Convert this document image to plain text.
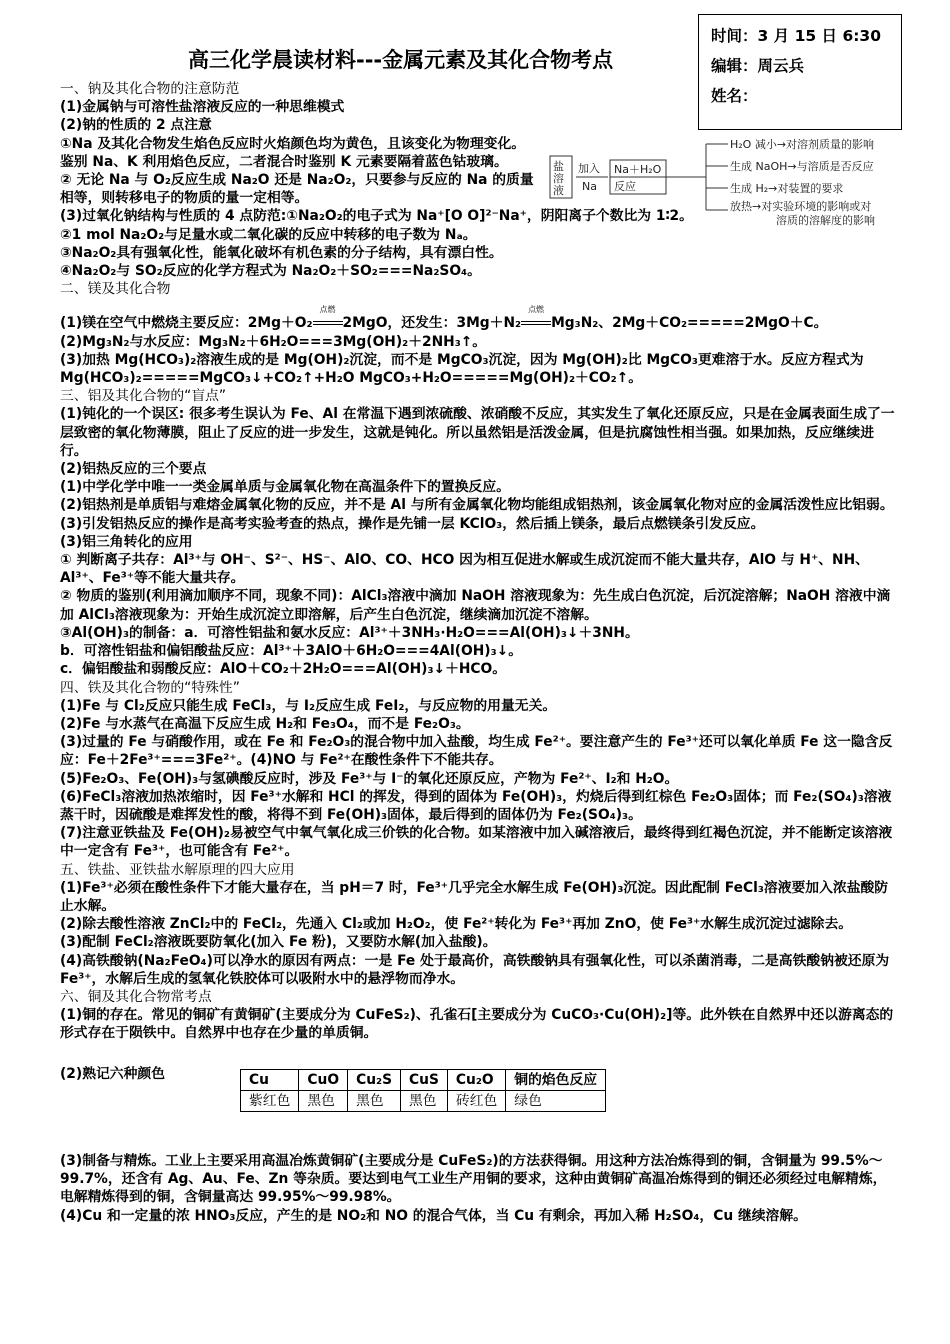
时间：3 月 15 日 6:30
编辑：周云兵
姓名：
高三化学晨读材料---金属元素及其化合物考点
盐
溶
液
加入
Na
Na＋H₂O
反应
H₂O 减小→对溶剂质量的影响
生成 NaOH→与溶质是否反应
生成 H₂→对装置的要求
放热→对实验环境的影响或对
溶质的溶解度的影响

一、钠及其化合物的注意防范

(1)金属钠与可溶性盐溶液反应的一种思维模式

(2)钠的性质的 2 点注意

①Na 及其化合物发生焰色反应时火焰颜色均为黄色，且该变化为物理变化。鉴别 Na、K 利用焰色反应，二者混合时鉴别 K 元素要隔着蓝色钴玻璃。

② 无论 Na 与 O₂反应生成 Na₂O 还是 Na₂O₂，只要参与反应的 Na 的质量相等，则转移电子的物质的量一定相等。

(3)过氧化钠结构与性质的 4 点防范:①Na₂O₂的电子式为 Na⁺[O O]²⁻Na⁺，阴阳离子个数比为 1∶2。

②1 mol Na₂O₂与足量水或二氧化碳的反应中转移的电子数为 Nₐ。

③Na₂O₂具有强氧化性，能氧化破坏有机色素的分子结构，具有漂白性。

④Na₂O₂与 SO₂反应的化学方程式为 Na₂O₂＋SO₂===Na₂SO₄。

二、镁及其化合物

(1)镁在空气中燃烧主要反应：2Mg＋O₂
点燃
2MgO，还发生：3Mg＋N₂
点燃
Mg₃N₂、2Mg＋CO₂=====2MgO＋C。

(2)Mg₃N₂与水反应：Mg₃N₂＋6H₂O===3Mg(OH)₂＋2NH₃↑。

(3)加热 Mg(HCO₃)₂溶液生成的是 Mg(OH)₂沉淀，而不是 MgCO₃沉淀，因为 Mg(OH)₂比 MgCO₃更难溶于水。反应方程式为 Mg(HCO₃)₂=====MgCO₃↓+CO₂↑+H₂O MgCO₃+H₂O=====Mg(OH)₂＋CO₂↑。

三、铝及其化合物的“盲点”

(1)钝化的一个误区: 很多考生误认为 Fe、Al 在常温下遇到浓硫酸、浓硝酸不反应，其实发生了氧化还原反应，只是在金属表面生成了一层致密的氧化物薄膜，阻止了反应的进一步发生，这就是钝化。所以虽然铝是活泼金属，但是抗腐蚀性相当强。如果加热，反应继续进行。

(2)铝热反应的三个要点

(1)中学化学中唯一一类金属单质与金属氧化物在高温条件下的置换反应。

(2)铝热剂是单质铝与难熔金属氧化物的反应，并不是 Al 与所有金属氧化物均能组成铝热剂，该金属氧化物对应的金属活泼性应比铝弱。

(3)引发铝热反应的操作是高考实验考查的热点，操作是先铺一层 KClO₃，然后插上镁条，最后点燃镁条引发反应。

(3)铝三角转化的应用

① 判断离子共存：Al³⁺与 OH⁻、S²⁻、HS⁻、AlO、CO、HCO 因为相互促进水解或生成沉淀而不能大量共存，AlO 与 H⁺、NH、Al³⁺、Fe³⁺等不能大量共存。

② 物质的鉴别(利用滴加顺序不同，现象不同)：AlCl₃溶液中滴加 NaOH 溶液现象为：先生成白色沉淀，后沉淀溶解；NaOH 溶液中滴加 AlCl₃溶液现象为：开始生成沉淀立即溶解，后产生白色沉淀，继续滴加沉淀不溶解。

③Al(OH)₃的制备：a．可溶性铝盐和氨水反应：Al³⁺＋3NH₃·H₂O===Al(OH)₃↓＋3NH。

b．可溶性铝盐和偏铝酸盐反应：Al³⁺＋3AlO＋6H₂O===4Al(OH)₃↓。

c．偏铝酸盐和弱酸反应：AlO＋CO₂＋2H₂O===Al(OH)₃↓＋HCO。

四、铁及其化合物的“特殊性”

(1)Fe 与 Cl₂反应只能生成 FeCl₃，与 I₂反应生成 FeI₂，与反应物的用量无关。

(2)Fe 与水蒸气在高温下反应生成 H₂和 Fe₃O₄，而不是 Fe₂O₃。

(3)过量的 Fe 与硝酸作用，或在 Fe 和 Fe₂O₃的混合物中加入盐酸，均生成 Fe²⁺。要注意产生的 Fe³⁺还可以氧化单质 Fe 这一隐含反应：Fe＋2Fe³⁺===3Fe²⁺。(4)NO 与 Fe²⁺在酸性条件下不能共存。

(5)Fe₂O₃、Fe(OH)₃与氢碘酸反应时，涉及 Fe³⁺与 I⁻的氧化还原反应，产物为 Fe²⁺、I₂和 H₂O。

(6)FeCl₃溶液加热浓缩时，因 Fe³⁺水解和 HCl 的挥发，得到的固体为 Fe(OH)₃，灼烧后得到红棕色 Fe₂O₃固体；而 Fe₂(SO₄)₃溶液蒸干时，因硫酸是难挥发性的酸，将得不到 Fe(OH)₃固体，最后得到的固体仍为 Fe₂(SO₄)₃。

(7)注意亚铁盐及 Fe(OH)₂易被空气中氧气氧化成三价铁的化合物。如某溶液中加入碱溶液后，最终得到红褐色沉淀，并不能断定该溶液中一定含有 Fe³⁺，也可能含有 Fe²⁺。

五、铁盐、亚铁盐水解原理的四大应用

(1)Fe³⁺必须在酸性条件下才能大量存在，当 pH＝7 时，Fe³⁺几乎完全水解生成 Fe(OH)₃沉淀。因此配制 FeCl₃溶液要加入浓盐酸防止水解。

(2)除去酸性溶液 ZnCl₂中的 FeCl₂，先通入 Cl₂或加 H₂O₂，使 Fe²⁺转化为 Fe³⁺再加 ZnO，使 Fe³⁺水解生成沉淀过滤除去。

(3)配制 FeCl₂溶液既要防氧化(加入 Fe 粉)，又要防水解(加入盐酸)。

(4)高铁酸钠(Na₂FeO₄)可以净水的原因有两点：一是 Fe 处于最高价，高铁酸钠具有强氧化性，可以杀菌消毒，二是高铁酸钠被还原为 Fe³⁺，水解后生成的氢氧化铁胶体可以吸附水中的悬浮物而净水。

六、铜及其化合物常考点

(1)铜的存在。常见的铜矿有黄铜矿(主要成分为 CuFeS₂)、孔雀石[主要成分为 CuCO₃·Cu(OH)₂]等。此外铁在自然界中还以游离态的形式存在于陨铁中。自然界中也存在少量的单质铜。

(2)熟记六种颜色	Cu	CuO	Cu₂S	CuS	Cu₂O	铜的焰色反应
紫红色	黑色	黑色	黑色	砖红色	绿色

(3)制备与精炼。工业上主要采用高温冶炼黄铜矿(主要成分是 CuFeS₂)的方法获得铜。用这种方法冶炼得到的铜，含铜量为 99.5%～99.7%，还含有 Ag、Au、Fe、Zn 等杂质。要达到电气工业生产用铜的要求，这种由黄铜矿高温冶炼得到的铜还必须经过电解精炼，电解精炼得到的铜，含铜量高达 99.95%～99.98%。

(4)Cu 和一定量的浓 HNO₃反应，产生的是 NO₂和 NO 的混合气体，当 Cu 有剩余，再加入稀 H₂SO₄，Cu 继续溶解。
